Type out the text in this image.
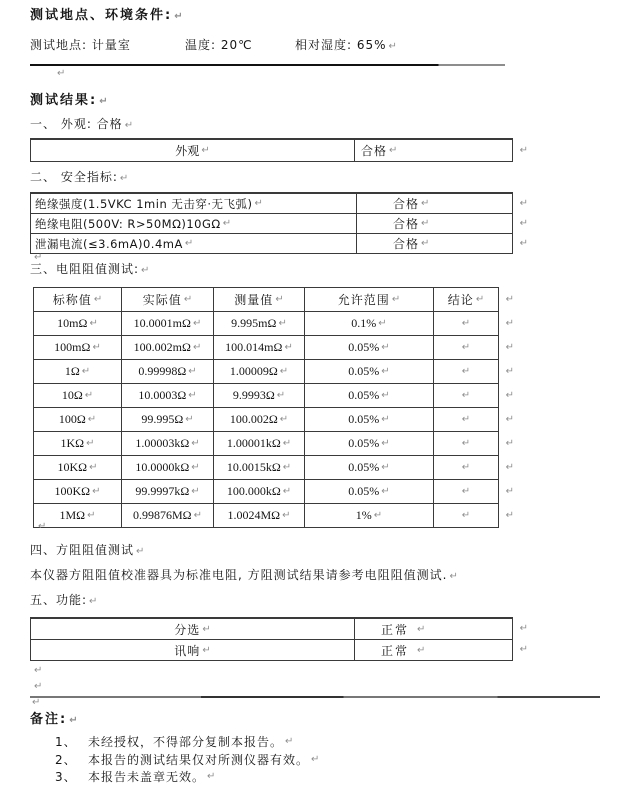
测试地点、环境条件: ↵
测试地点: 计量室	温度: 20℃	相对湿度: 65% ↵
↵
测试结果: ↵
一、 外观: 合格 ↵
外观 ↵	合格 ↵	↵
二、 安全指标: ↵
绝缘强度(1.5VKC 1min 无击穿·无飞弧) ↵	合格 ↵	↵
绝缘电阻(500V: R>50MΩ)10GΩ ↵	合格 ↵	↵
泄漏电流(≤3.6mA)0.4mA ↵	合格 ↵	↵
↵
三、电阻阻值测试: ↵
标称值 ↵	实际值 ↵	测量值 ↵	允许范围 ↵	结论 ↵ ↵
10mΩ ↵	10.0001mΩ ↵ 9.995mΩ ↵	0.1% ↵	↵	↵
100mΩ ↵	100.002mΩ ↵ 100.014mΩ ↵	0.05% ↵	↵	↵
1Ω ↵	0.99998Ω ↵	1.00009Ω ↵	0.05% ↵	↵	↵
10Ω ↵	10.0003Ω ↵	9.9993Ω ↵	0.05% ↵	↵	↵
100Ω ↵	99.995Ω ↵	100.002Ω ↵	0.05% ↵	↵	↵
1KΩ ↵	1.00003kΩ ↵ 1.00001kΩ ↵	0.05% ↵	↵	↵
10KΩ ↵	10.0000kΩ ↵ 10.0015kΩ ↵	0.05% ↵	↵	↵
100KΩ ↵	99.9997kΩ ↵ 100.000kΩ ↵	0.05% ↵	↵	↵
1MΩ ↵	0.99876MΩ ↵ 1.0024MΩ ↵	1% ↵	↵	↵
↵
四、方阻阻值测试 ↵
本仪器方阻阻值校准器具为标准电阻, 方阻测试结果请参考电阻阻值测试. ↵
五、功能: ↵
分选 ↵	正常 ↵	↵
讯响 ↵	正常 ↵	↵
↵
↵
↵
备注: ↵
1、 未经授权，不得部分复制本报告。 ↵
2、 本报告的测试结果仅对所测仪器有效。 ↵
3、 本报告未盖章无效。 ↵
